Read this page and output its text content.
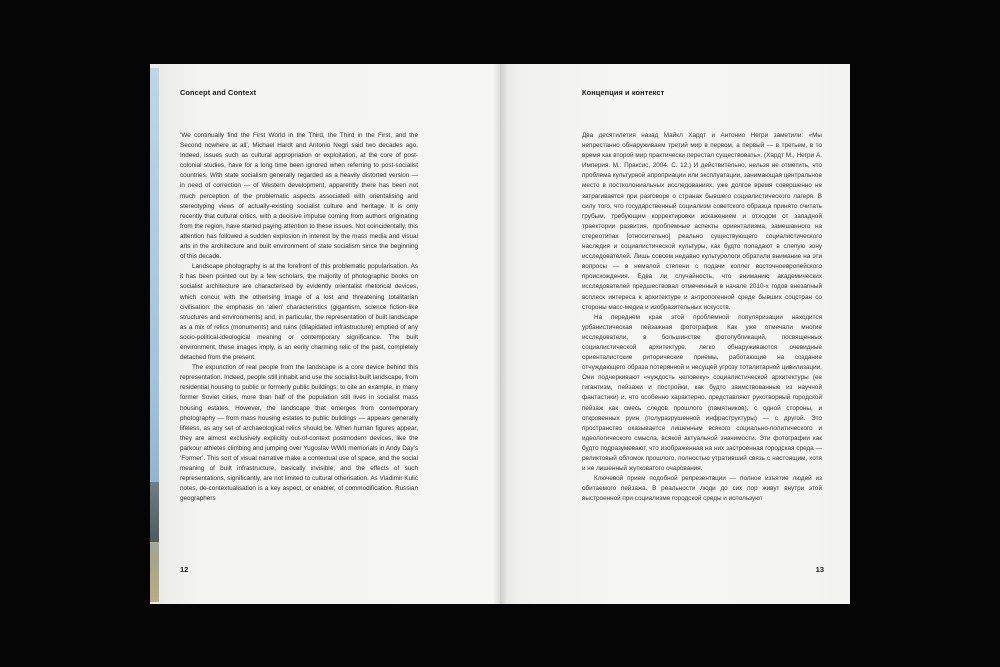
Concept and Context

‘We continually find the First World in the Third, the Third in the First, and the Second nowhere at all’, Michael Hardt and Antonio Negri said two decades ago. Indeed, issues such as cultural appropriation or exploitation, at the core of post-colonial studies, have for a long time been ignored when referring to post-socialist countries. With state socialism generally regarded as a heavily distorted version — in need of correction — of Western development, apparently there has been not much perception of the problematic aspects associated with orientalising and stereotyping views of actually-existing socialist culture and heritage. It is only recently that cultural critics, with a decisive impulse coming from authors originating from the region, have started paying attention to these issues. Not coincidentally, this attention has followed a sudden explosion in interest by the mass media and visual arts in the architecture and built environment of state socialism since the beginning of this decade.

Landscape photography is at the forefront of this problematic popularisation. As it has been pointed out by a few scholars, the majority of photographic books on socialist architecture are characterised by evidently orientalist rhetorical devices, which concur with the otherising image of a lost and threatening totalitarian civilisation: the emphasis on ‘alien’ characteristics (gigantism, science fiction-like structures and environments) and, in particular, the representation of built landscape as a mix of relics (monuments) and ruins (dilapidated infrastructure) emptied of any socio-political-ideological meaning or contemporary significance. The built environment, these images imply, is an eerily charming relic of the past, completely detached from the present.

The expunction of real people from the landscape is a core device behind this representation. Indeed, people still inhabit and use the socialist-built landscape, from residential housing to public or formerly public buildings: to cite an example, in many former Soviet cities, more than half of the population still lives in socialist mass housing estates. However, the landscape that emerges from contemporary photography — from mass housing estates to public buildings — appears generally lifeless, as any set of archaeological relics should be. When human figures appear, they are almost exclusively explicitly out-of-context postmodern devices, like the parkour athletes climbing and jumping over Yugoslav WWII memorials in Andy Day’s ‘Former’. This sort of visual narrative make a contextual use of space, and the social meaning of built infrastructure, basically invisible; and the effects of such representations, significantly, are not limited to cultural otherisation. As Vladimir Kulić notes, de-contextualisation is a key aspect, or enabler, of commodification. Russian geographers

12
Концепция и контекст

Два десятилетия назад Майкл Хардт и Антонио Негри заметили: «Мы непрестанно обнаруживаем третий мир в первом, а первый — в третьем, в то время как второй мир практически перестал существовать». (Хардт М., Негри А. Империя. М.: Праксис, 2004. С. 12.) И действительно, нельзя не отметить, что проблема культурной апроприации или эксплуатации, занимающая центральное место в постколониальных исследованиях, уже долгое время совершенно не затрагивается при разговоре о странах бывшего социалистического лагеря. В силу того, что государственный социализм советского образца принято считать грубым, требующим корректировки искажением и отходом от западной траектории развития, проблемные аспекты ориентализма, замешанного на стереотипах [относительно] реально существующего социалистического наследия и социалистической культуры, как будто попадают в слепую зону исследователей. Лишь совсем недавно культурологи обратили внимание на эти вопросы — в немалой степени с подачи коллег восточноевропейского происхождения. Едва ли случайность, что вниманию академических исследователей предшествовал отмеченный в начале 2010-х годов внезапный всплеск интереса к архитектуре и антропогенной среде бывших соцстран со стороны масс-медиа и изобразительных искусств.

На переднем крае этой проблемной популяризации находится урбанистическая пейзажная фотография. Как уже отмечали многие исследователи, в большинстве фотопубликаций, посвященных социалистической архитектуре, легко обнаруживаются очевидные ориенталистские риторические приемы, работающие на создание отчуждающего образа потерянной и несущей угрозу тоталитарной цивилизации. Они подчеркивают «чуждость человеку» социалистической архитектуры (ее гигантизм, пейзажи и постройки, как будто заимствованные из научной фантастики) и, что особенно характерно, представляют рукотворный городской пейзаж как смесь следов прошлого (памятников), с одной стороны, и откровенных руин (полуразрушенной инфраструктуры) — с другой. Это пространство оказывается лишенным всякого социально-политического и идеологического смысла, всякой актуальной значимости. Эти фотографии как будто подразумевают, что изображенная на них застроенная городская среда — реликтовый обломок прошлого, полностью утративший связь с настоящим, хотя и не лишенный жутковатого очарования.

Ключевой прием подобной репрезентации — полное изъятие людей из обитаемого пейзажа. В реальности люди до сих пор живут внутри этой выстроенной при социализме городской среды и используют

13
